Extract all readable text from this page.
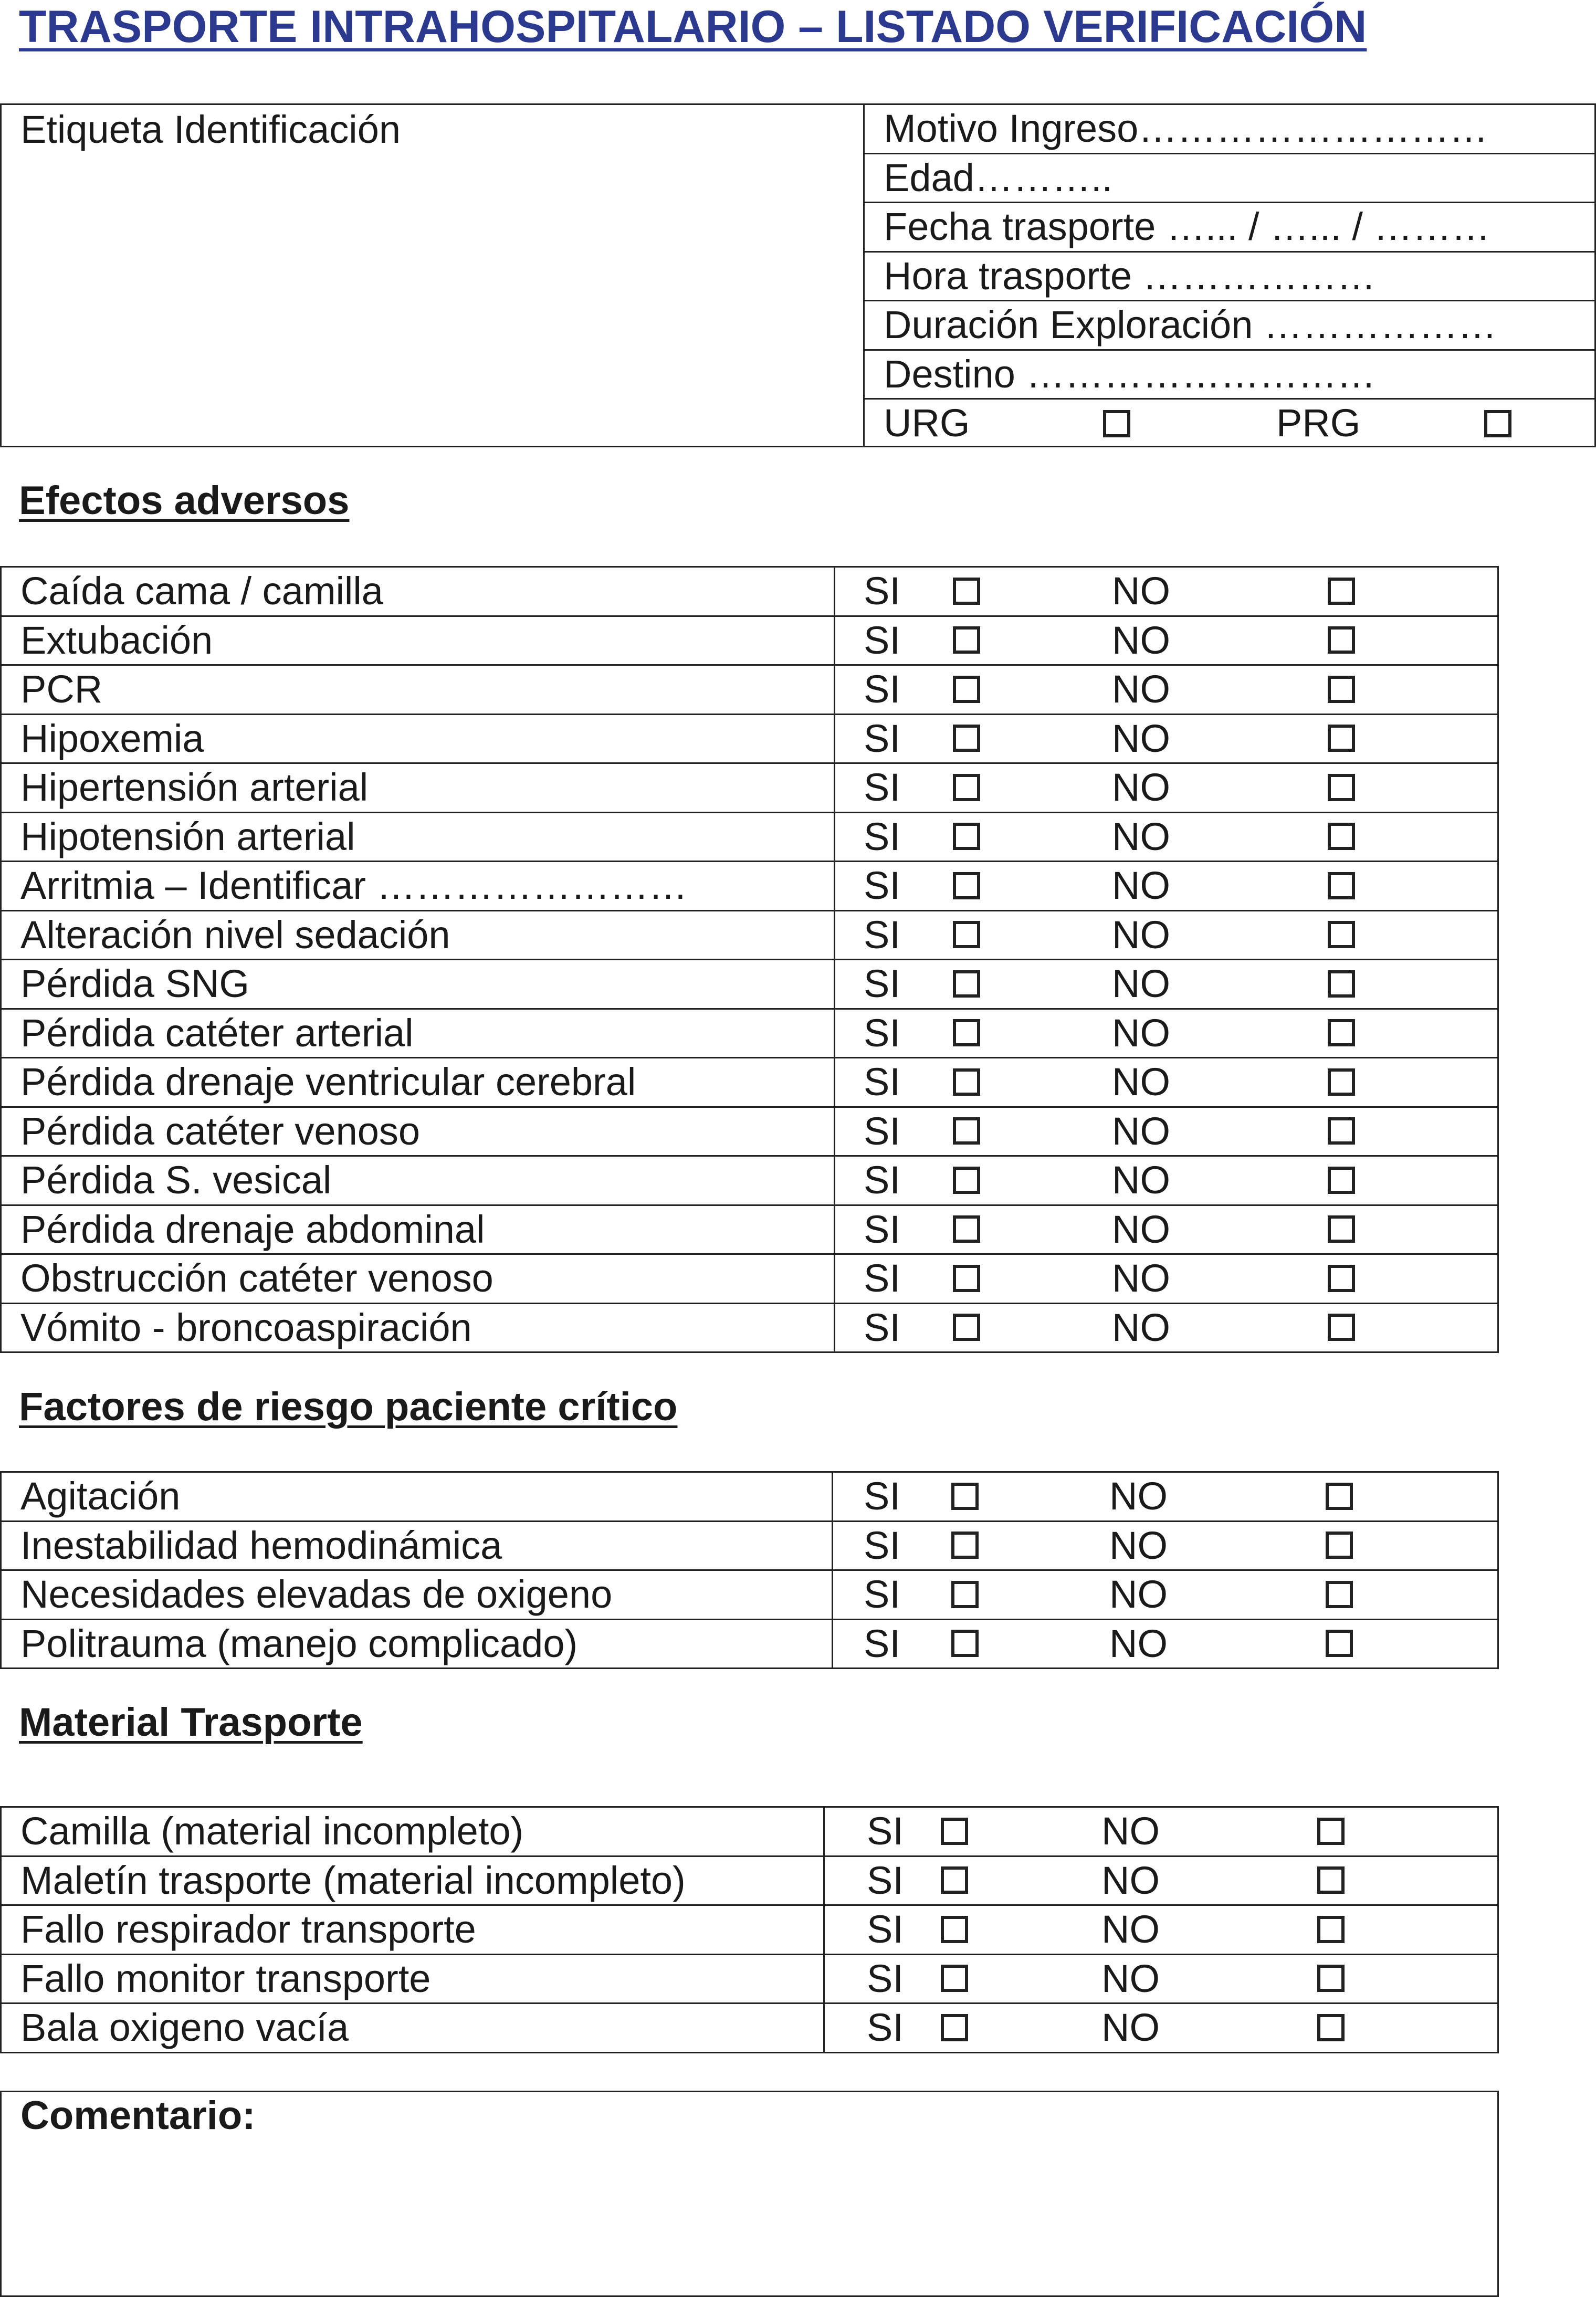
TRASPORTE INTRAHOSPITALARIO – LISTADO VERIFICACIÓN
Etiqueta Identificación	Motivo Ingreso………………………
Edad………..
Fecha trasporte …... / …... / ………
Hora trasporte ………………
Duración Exploración ………………
Destino ………………………
URG	PRG
Efectos adversos
Caída cama / camilla	SI	NO
Extubación	SI	NO
PCR	SI	NO
Hipoxemia	SI	NO
Hipertensión arterial	SI	NO
Hipotensión arterial	SI	NO
Arritmia – Identificar ……………………	SI	NO
Alteración nivel sedación	SI	NO
Pérdida SNG	SI	NO
Pérdida catéter arterial	SI	NO
Pérdida drenaje ventricular cerebral	SI	NO
Pérdida catéter venoso	SI	NO
Pérdida S. vesical	SI	NO
Pérdida drenaje abdominal	SI	NO
Obstrucción catéter venoso	SI	NO
Vómito - broncoaspiración	SI	NO
Factores de riesgo paciente crítico
Agitación	SI	NO
Inestabilidad hemodinámica	SI	NO
Necesidades elevadas de oxigeno	SI	NO
Politrauma (manejo complicado)	SI	NO
Material Trasporte
Camilla (material incompleto)	SI	NO
Maletín trasporte (material incompleto)	SI	NO
Fallo respirador transporte	SI	NO
Fallo monitor transporte	SI	NO
Bala oxigeno vacía	SI	NO
Comentario:
